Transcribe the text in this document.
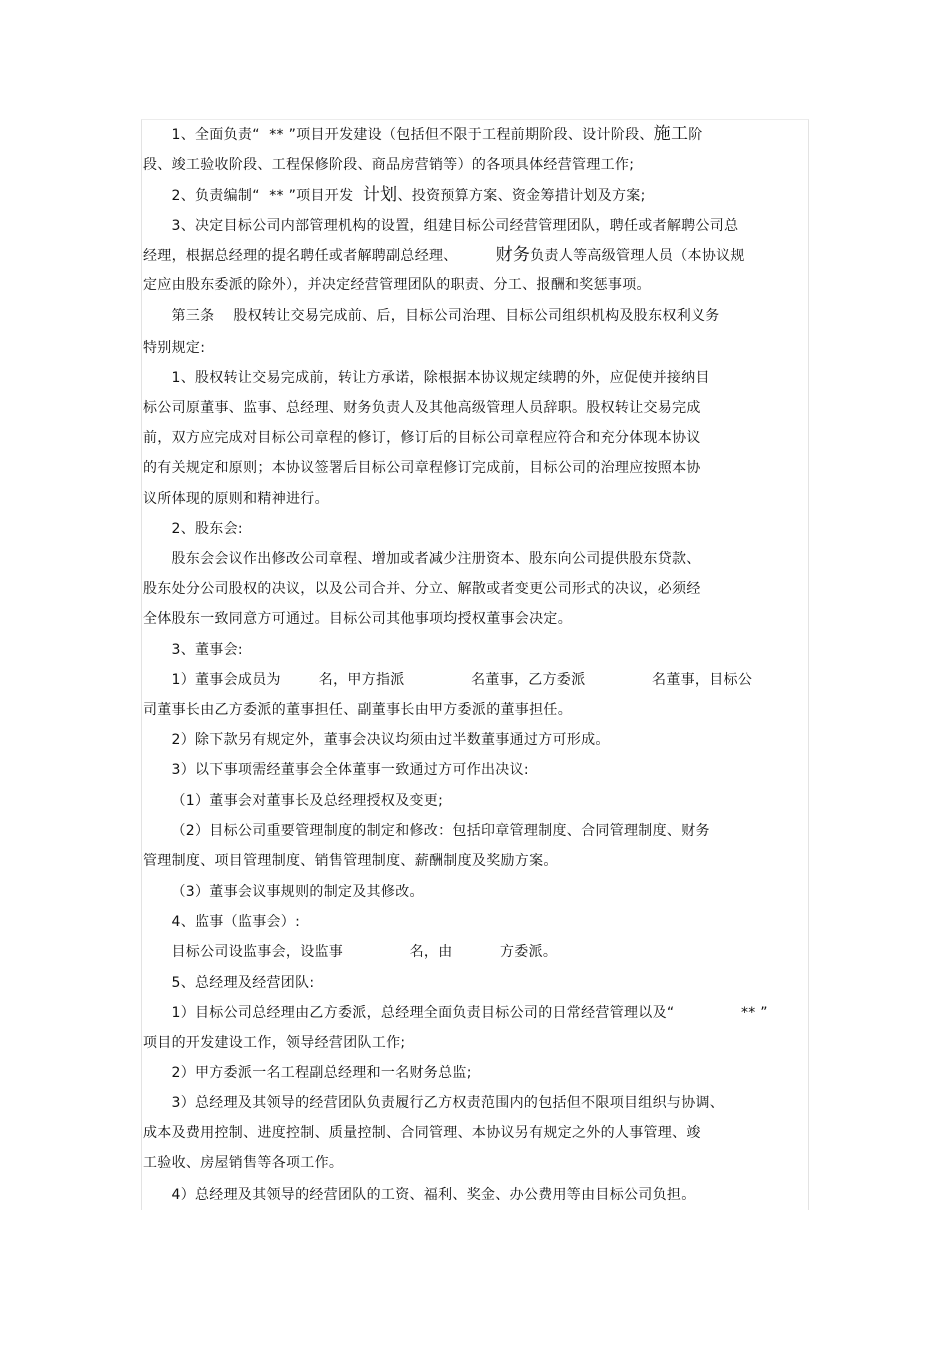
1、全面负责“  ** ”项目开发建设（包括但不限于工程前期阶段、设计阶段、施工阶
段、竣工验收阶段、工程保修阶段、商品房营销等）的各项具体经营管理工作;
2、负责编制“  ** ”项目开发  计划、投资预算方案、资金筹措计划及方案;
3、决定目标公司内部管理机构的设置，组建目标公司经营管理团队，聘任或者解聘公司总
经理，根据总经理的提名聘任或者解聘副总经理、        财务负责人等高级管理人员（本协议规
定应由股东委派的除外），并决定经营管理团队的职责、分工、报酬和奖惩事项。
第三条    股权转让交易完成前、后，目标公司治理、目标公司组织机构及股东权利义务
特别规定:
1、股权转让交易完成前，转让方承诺，除根据本协议规定续聘的外，应促使并接纳目
标公司原董事、监事、总经理、财务负责人及其他高级管理人员辞职。股权转让交易完成
前，双方应完成对目标公司章程的修订，修订后的目标公司章程应符合和充分体现本协议
的有关规定和原则；本协议签署后目标公司章程修订完成前，目标公司的治理应按照本协
议所体现的原则和精神进行。
2、股东会:
股东会会议作出修改公司章程、增加或者减少注册资本、股东向公司提供股东贷款、
股东处分公司股权的决议，以及公司合并、分立、解散或者变更公司形式的决议，必须经
全体股东一致同意方可通过。目标公司其他事项均授权董事会决定。
3、董事会:
1）董事会成员为        名，甲方指派              名董事，乙方委派              名董事，目标公
司董事长由乙方委派的董事担任、副董事长由甲方委派的董事担任。
2）除下款另有规定外，董事会决议均须由过半数董事通过方可形成。
3）以下事项需经董事会全体董事一致通过方可作出决议:
（1）董事会对董事长及总经理授权及变更;
（2）目标公司重要管理制度的制定和修改：包括印章管理制度、合同管理制度、财务
管理制度、项目管理制度、销售管理制度、薪酬制度及奖励方案。
（3）董事会议事规则的制定及其修改。
4、监事（监事会）:
目标公司设监事会，设监事              名，由          方委派。
5、总经理及经营团队:
1）目标公司总经理由乙方委派，总经理全面负责目标公司的日常经营管理以及“              ** ”
项目的开发建设工作，领导经营团队工作;
2）甲方委派一名工程副总经理和一名财务总监;
3）总经理及其领导的经营团队负责履行乙方权责范围内的包括但不限项目组织与协调、
成本及费用控制、进度控制、质量控制、合同管理、本协议另有规定之外的人事管理、竣
工验收、房屋销售等各项工作。
4）总经理及其领导的经营团队的工资、福利、奖金、办公费用等由目标公司负担。
